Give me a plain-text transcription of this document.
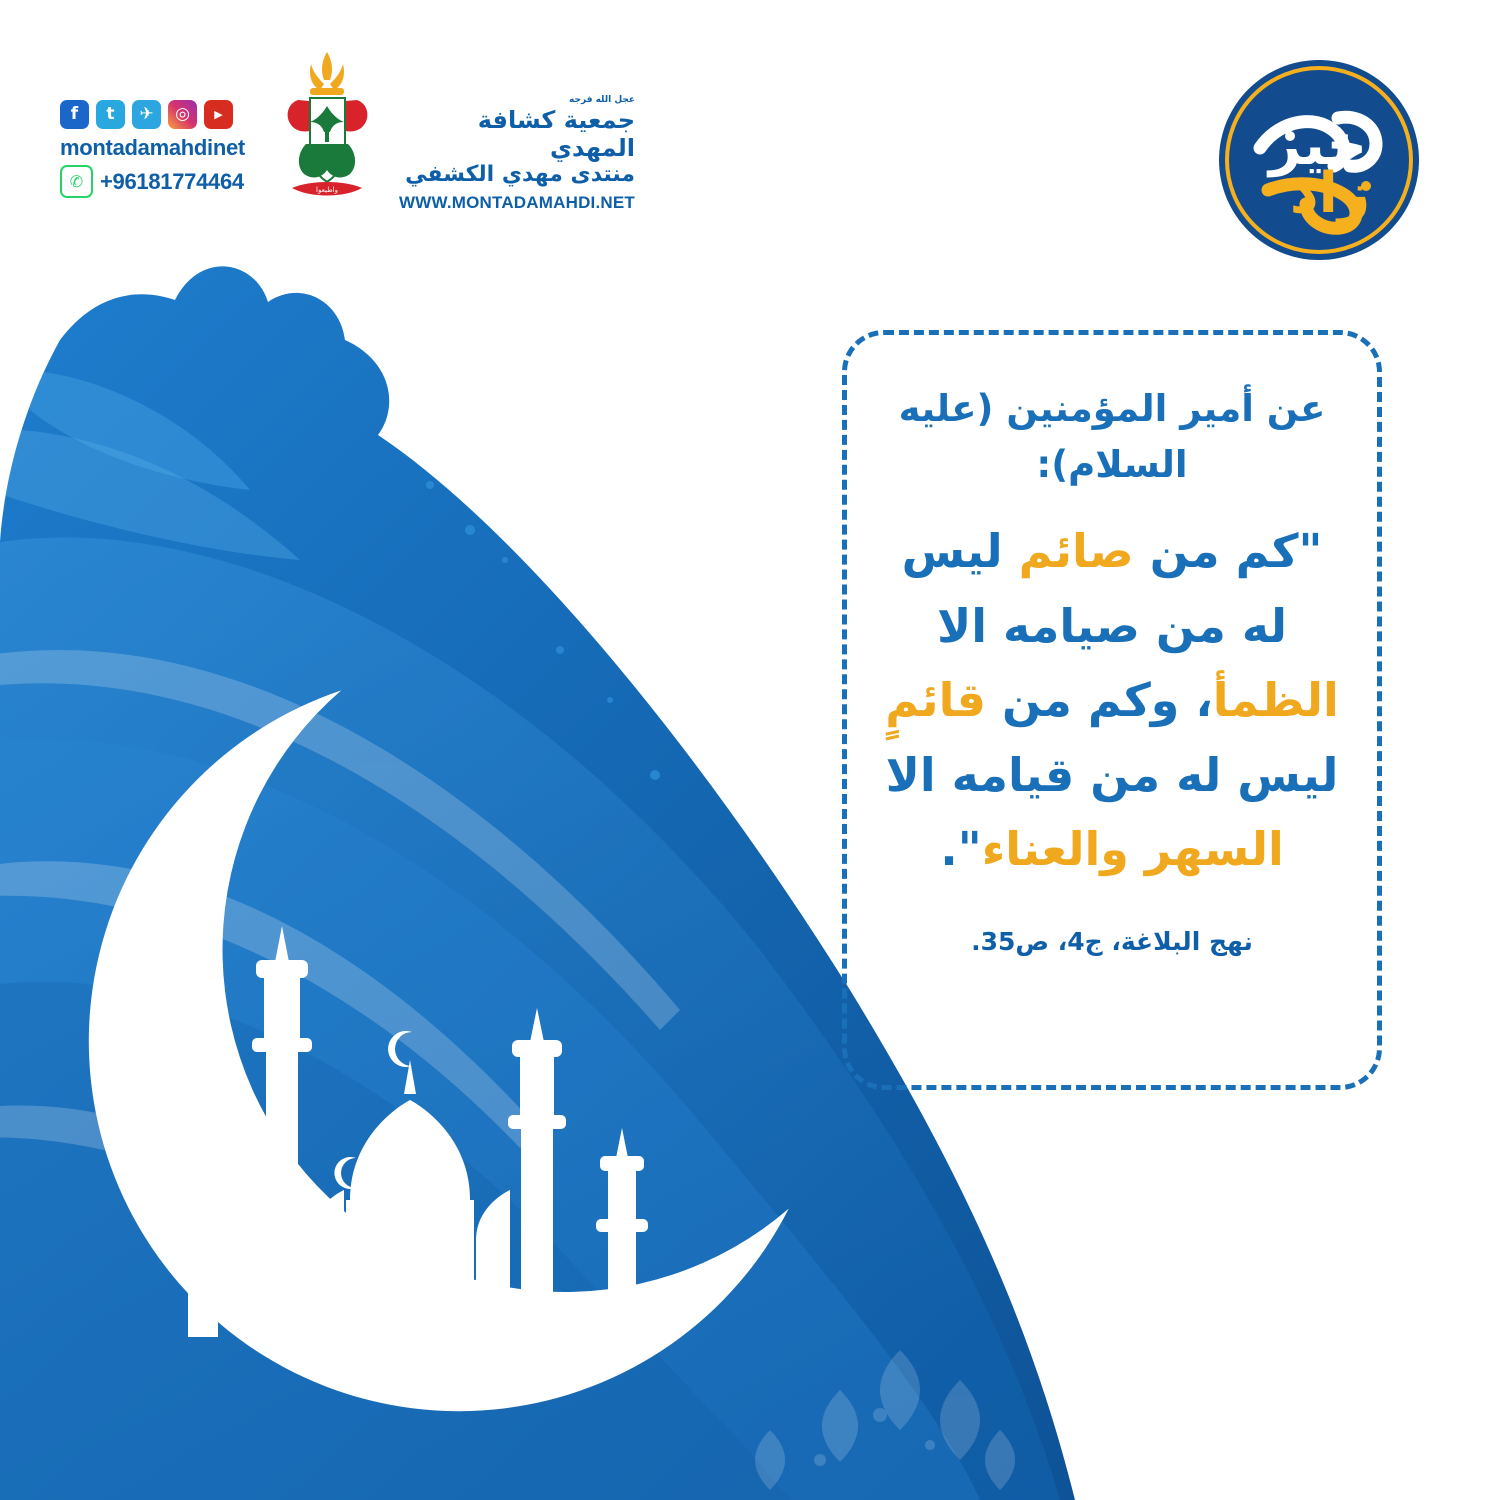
f	t	✈	◎	▶
montadamahdinet
✆ +96181774464	واطيعوا
عجل الله فرجه
جمعية كشافة المهدي
منتدى مهدي الكشفي
WWW.MONTADAMAHDI.NET
خير
زاد
عن أمير المؤمنين (عليه السلام):
"كم من صائم ليس له من صيامه الا الظمأ، وكم من قائمٍ ليس له من قيامه الا السهر والعناء".
نهج البلاغة، ج4، ص35.
